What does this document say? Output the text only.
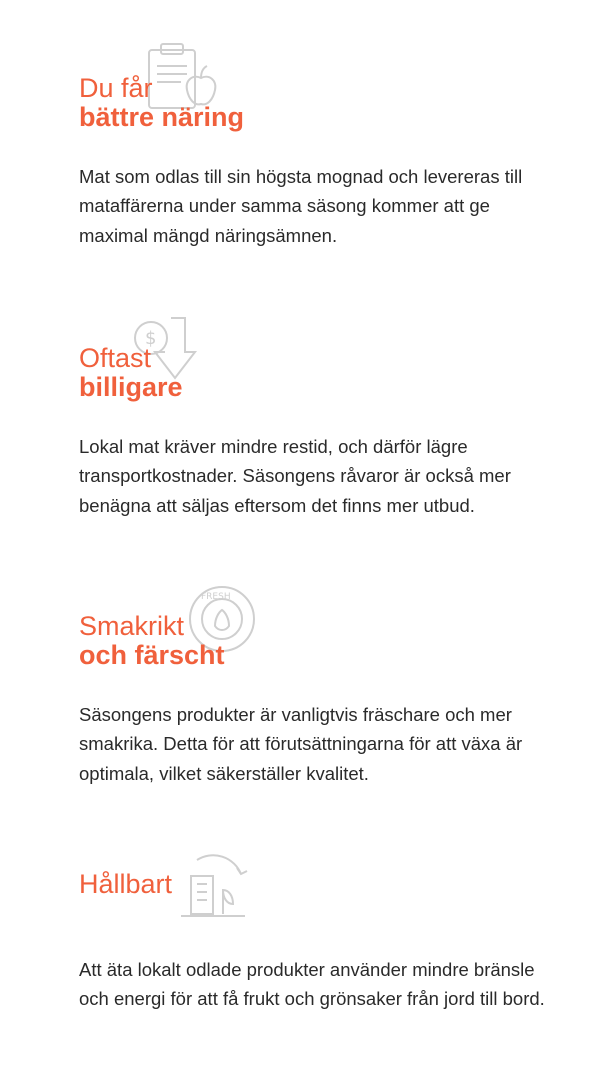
Du får
bättre näring

Mat som odlas till sin högsta mognad och levereras till mataffärerna under samma säsong kommer att ge maximal mängd näringsämnen.

$
Oftast
billigare

Lokal mat kräver mindre restid, och därför lägre transportkostnader. Säsongens råvaror är också mer benägna att säljas eftersom det finns mer utbud.

FRESH
Smakrikt
och färscht

Säsongens produkter är vanligtvis fräschare och mer smakrika. Detta för att förutsättningarna för att växa är optimala, vilket säkerställer kvalitet.

Hållbart

Att äta lokalt odlade produkter använder mindre bränsle och energi för att få frukt och grönsaker från jord till bord.
